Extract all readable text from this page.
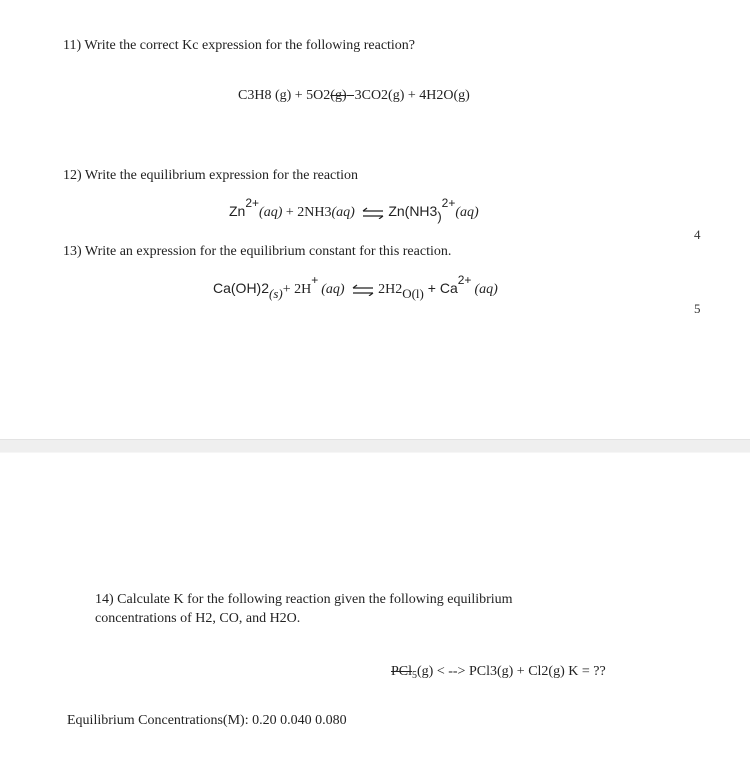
11) Write the correct Kc expression for the following reaction?
C3H8 (g) + 5O2(g) 3CO2(g) + 4H2O(g)
12) Write the equilibrium expression for the reaction
Zn2+(aq) + 2NH3(aq) ⇌ Zn(NH3)2+(aq)
4
13) Write an expression for the equilibrium constant for this reaction.
Ca(OH)2(s)+ 2H+(aq) ⇌ 2H2O(l) + Ca2+(aq)
5
14) Calculate K for the following reaction given the following equilibrium
concentrations of H2, CO, and H2O.
PCl$_5$(g) < --> PCl3(g) + Cl2(g) K = ??
Equilibrium Concentrations(M): 0.20 0.040 0.080
